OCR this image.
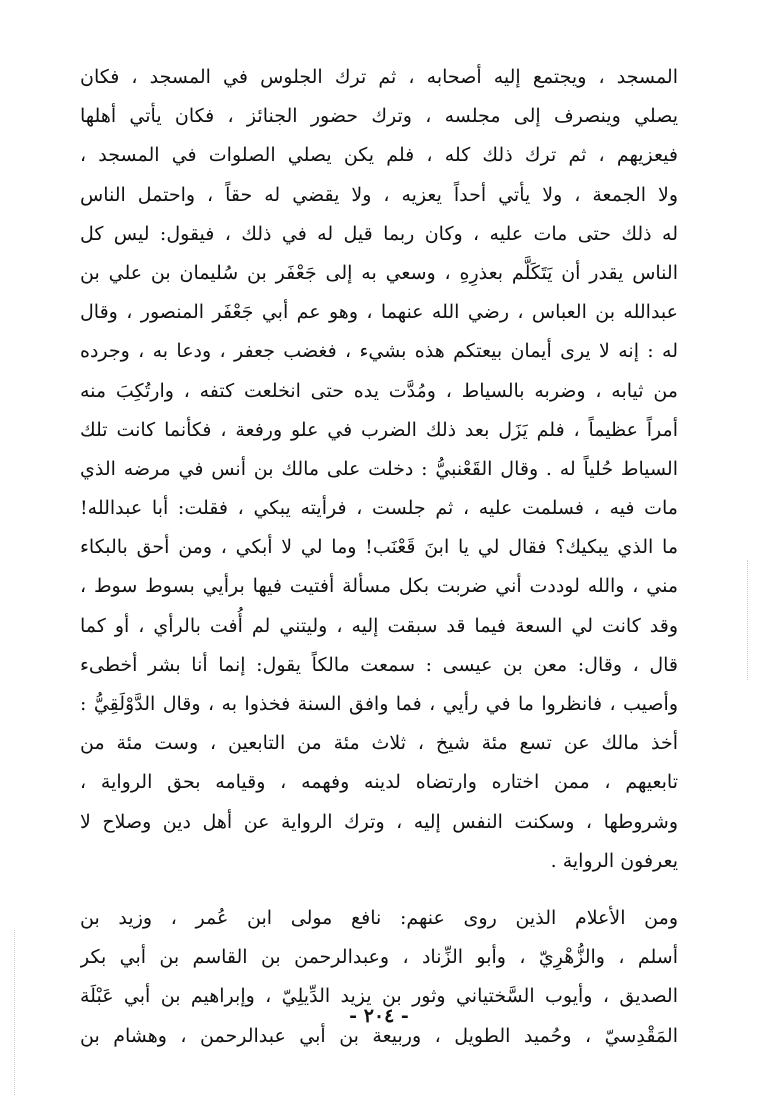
المسجد ، ويجتمع إليه أصحابه ، ثم ترك الجلوس في المسجد ، فكان
يصلي وينصرف إلى مجلسه ، وترك حضور الجنائز ، فكان يأتي أهلها
فيعزيهم ، ثم ترك ذلك كله ، فلم يكن يصلي الصلوات في المسجد ،
ولا الجمعة ، ولا يأتي أحداً يعزيه ، ولا يقضي له حقاً ، واحتمل الناس
له ذلك حتى مات عليه ، وكان ربما قيل له في ذلك ، فيقول: ليس كل
الناس يقدر أن يَتَكَلَّم بعذرِهِ ، وسعي به إلى جَعْفَر بن سُليمان بن علي بن
عبدالله بن العباس ، رضي الله عنهما ، وهو عم أبي جَعْفَر المنصور ، وقال
له : إنه لا يرى أيمان بيعتكم هذه بشيء ، فغضب جعفر ، ودعا به ، وجرده
من ثيابه ، وضربه بالسياط ، ومُدَّت يده حتى انخلعت كتفه ، وارتُكِبَ منه
أمراً عظيماً ، فلم يَزَل بعد ذلك الضرب في علو ورفعة ، فكأنما كانت تلك
السياط حُلياً له . وقال القَعْنبيُّ : دخلت على مالك بن أنس في مرضه الذي
مات فيه ، فسلمت عليه ، ثم جلست ، فرأيته يبكي ، فقلت: أبا عبدالله!
ما الذي يبكيك؟ فقال لي يا ابنَ قَعْنَب! وما لي لا أبكي ، ومن أحق بالبكاء
مني ، والله لوددت أني ضربت بكل مسألة أفتيت فيها برأيي بسوط سوط ،
وقد كانت لي السعة فيما قد سبقت إليه ، وليتني لم أُفت بالرأي ، أو كما
قال ، وقال: معن بن عيسى : سمعت مالكاً يقول: إنما أنا بشر أخطىء
وأصيب ، فانظروا ما في رأيي ، فما وافق السنة فخذوا به ، وقال الدَّوْلَقِيُّ :
أخذ مالك عن تسع مئة شيخ ، ثلاث مئة من التابعين ، وست مئة من
تابعيهم ، ممن اختاره وارتضاه لدينه وفهمه ، وقيامه بحق الرواية ،
وشروطها ، وسكنت النفس إليه ، وترك الرواية عن أهل دين وصلاح لا
يعرفون الرواية .
ومن الأعلام الذين روى عنهم: نافع مولى ابن عُمر ، وزيد بن
أسلم ، والزُّهْرِيّ ، وأبو الزِّناد ، وعبدالرحمن بن القاسم بن أبي بكر
الصديق ، وأيوب السَّختياني وثور بن يزيد الدِّيلِيّ ، وإبراهيم بن أبي عَبْلَة
المَقْدِسيّ ، وحُميد الطويل ، وربيعة بن أبي عبدالرحمن ، وهشام بن
- ٢٠٤ -
